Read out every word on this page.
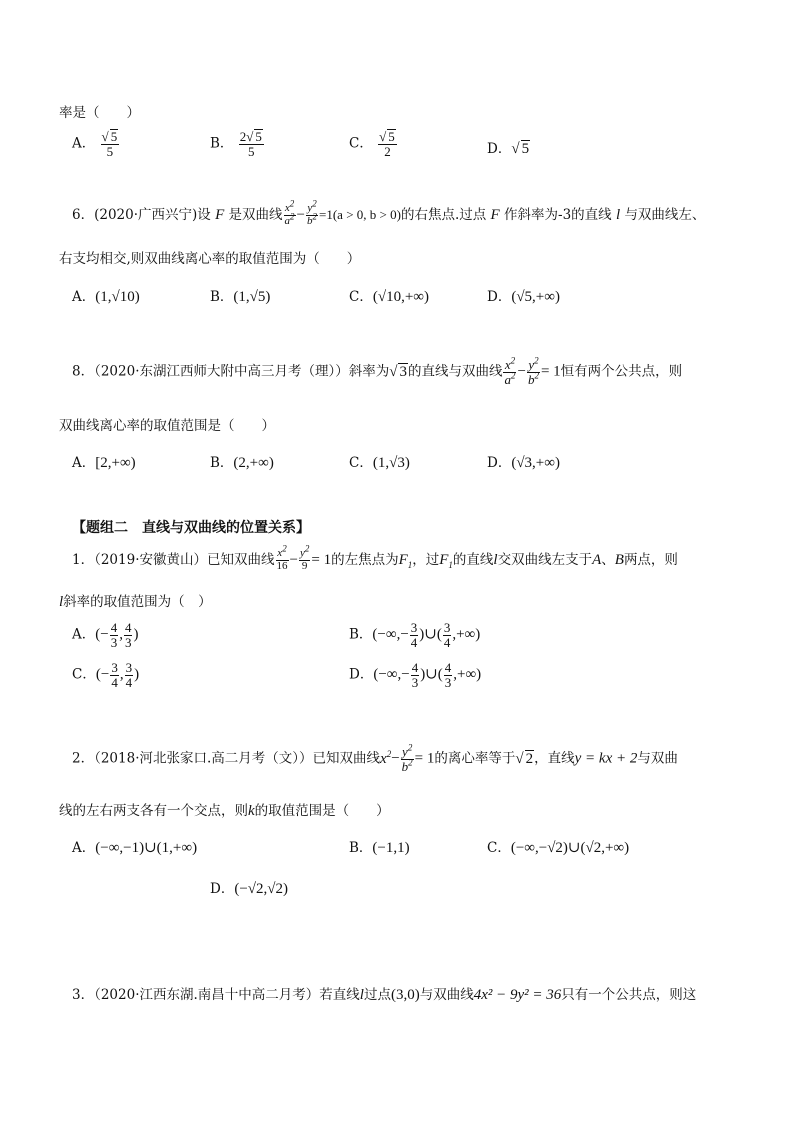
率是（　　）
A． $\frac{√ 5}{5}$	B． $\frac{2√ 5}{5}$	C． $\frac{√ 5}{2}$	D．√ 5
6．(2020·广西兴宁)设 F 是双曲线 $\frac{x^2}{a^2} - \frac{y^2}{b^2} =1(a > 0$, b > 0)的右焦点.过点 F 作斜率为-3的直线 l 与双曲线左、
右支均相交,则双曲线离心率的取值范围为（　　）
A．(1,√10)	B．(1,√5)	C．(√10,+∞)	D．(√5,+∞)
8．（2020·东湖江西师大附中高三月考（理））斜率为√ 3的直线与双曲线 $\frac{x^2}{a^2} - \frac{y^2}{b^2} = 1$恒有两个公共点，则
双曲线离心率的取值范围是（　　）
A．[2,+∞)	B．(2,+∞)	C．(1,√3)	D．(√3,+∞)
【题组二　直线与双曲线的位置关系】
1．（2019·安徽黄山）已知双曲线 $\frac{x^2}{16} - \frac{y^2}{9} = 1$的左焦点为$F_1$，过$F_1$的直线l交双曲线左支于A、B两点，则
l斜率的取值范围为（　）
A．(− $\frac{4}{3}$ , $\frac{4}{3}$ )	B．(−∞,− $\frac{3}{4}$ )∪( $\frac{3}{4}$ ,+∞)
C．(− $\frac{3}{4}$ , $\frac{3}{4}$ )	D．(−∞,− $\frac{4}{3}$ )∪( $\frac{4}{3}$ ,+∞)
2．（2018·河北张家口.高二月考（文））已知双曲线$x^2- \frac{y^2}{b^2} = 1$的离心率等于√ 2，直线y = kx + 2与双曲
线的左右两支各有一个交点，则k的取值范围是（　　）
A．(−∞,−1)∪(1,+∞)	B．(−1,1)	C．(−∞,−√2)∪(√2,+∞)
D．(−√2,√2)
3．（2020·江西东湖.南昌十中高二月考）若直线l过点(3,0)与双曲线4x² − 9y² = 36只有一个公共点，则这
